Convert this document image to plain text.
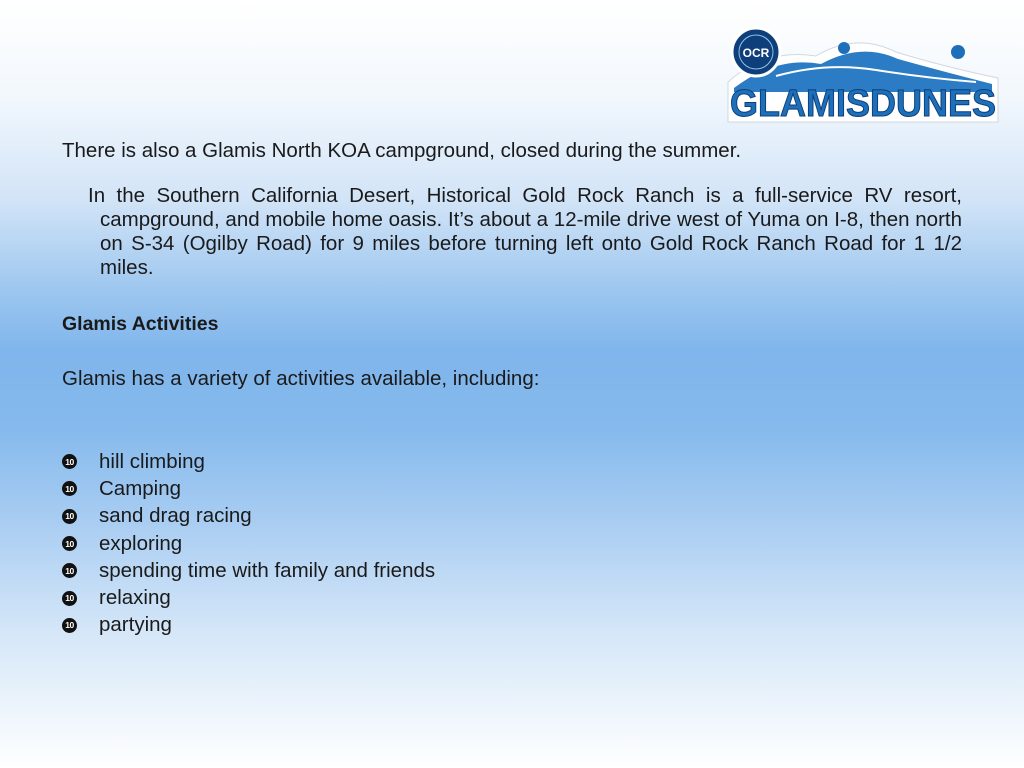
OCR
GLAMISDUNES
There is also a Glamis North KOA campground, closed during the summer.
In the Southern California Desert, Historical Gold Rock Ranch is a full-service RV resort, campground, and mobile home oasis. It’s about a 12-mile drive west of Yuma on I-8, then north on S-34 (Ogilby Road) for 9 miles before turning left onto Gold Rock Ranch Road for 1 1/2 miles.
Glamis Activities
Glamis has a variety of activities available, including:
10 hill climbing
10 Camping
10 sand drag racing
10 exploring
10 spending time with family and friends
10 relaxing
10 partying
